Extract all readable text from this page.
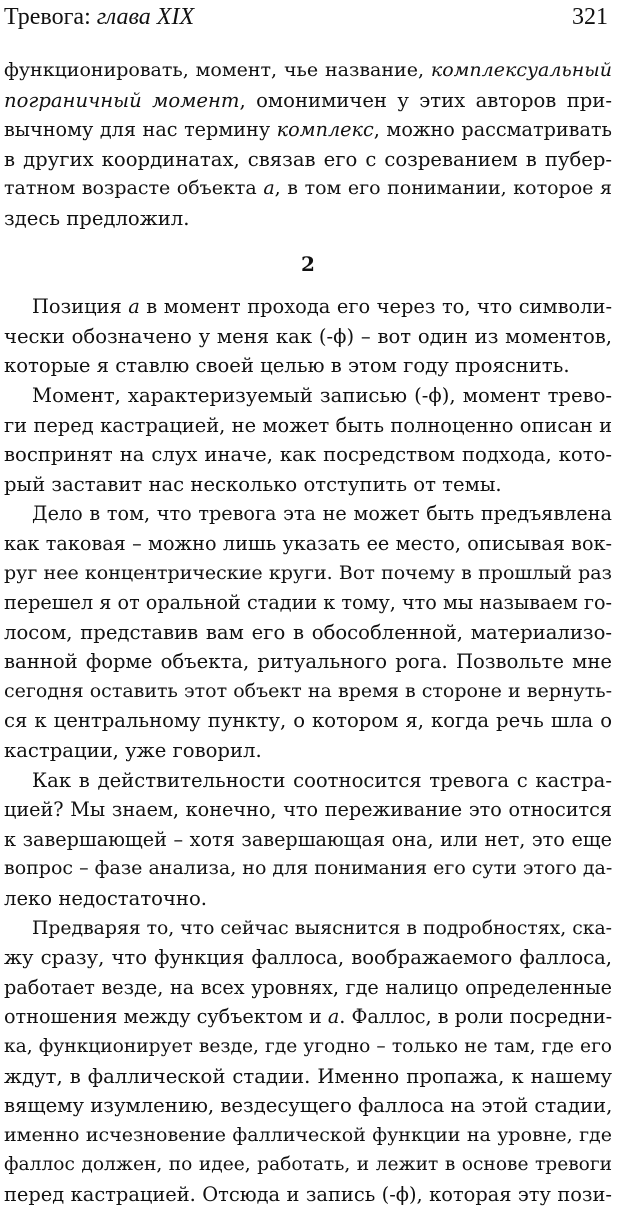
Тревога: глава XIX	321
функционировать, момент, чье название, комплексуальный
пограничный момент, омонимичен у этих авторов при-
вычному для нас термину комплекс, можно рассматривать
в других координатах, связав его с созреванием в пубер-
татном возрасте объекта а, в том его понимании, которое я
здесь предложил.
2
Позиция a в момент прохода его через то, что символи-
чески обозначено у меня как (-ϕ) – вот один из моментов,
которые я ставлю своей целью в этом году прояснить.
Момент, характеризуемый записью (-ϕ), момент трево-
ги перед кастрацией, не может быть полноценно описан и
воспринят на слух иначе, как посредством подхода, кото-
рый заставит нас несколько отступить от темы.
Дело в том, что тревога эта не может быть предъявлена
как таковая – можно лишь указать ее место, описывая вок-
руг нее концентрические круги. Вот почему в прошлый раз
перешел я от оральной стадии к тому, что мы называем го-
лосом, представив вам его в обособленной, материализо-
ванной форме объекта, ритуального рога. Позвольте мне
сегодня оставить этот объект на время в стороне и вернуть-
ся к центральному пункту, о котором я, когда речь шла о
кастрации, уже говорил.
Как в действительности соотносится тревога с кастра-
цией? Мы знаем, конечно, что переживание это относится
к завершающей – хотя завершающая она, или нет, это еще
вопрос – фазе анализа, но для понимания его сути этого да-
леко недостаточно.
Предваряя то, что сейчас выяснится в подробностях, ска-
жу сразу, что функция фаллоса, воображаемого фаллоса,
работает везде, на всех уровнях, где налицо определенные
отношения между субъектом и a. Фаллос, в роли посредни-
ка, функционирует везде, где угодно – только не там, где его
ждут, в фаллической стадии. Именно пропажа, к нашему
вящему изумлению, вездесущего фаллоса на этой стадии,
именно исчезновение фаллической функции на уровне, где
фаллос должен, по идее, работать, и лежит в основе тревоги
перед кастрацией. Отсюда и запись (-ϕ), которая эту пози-
